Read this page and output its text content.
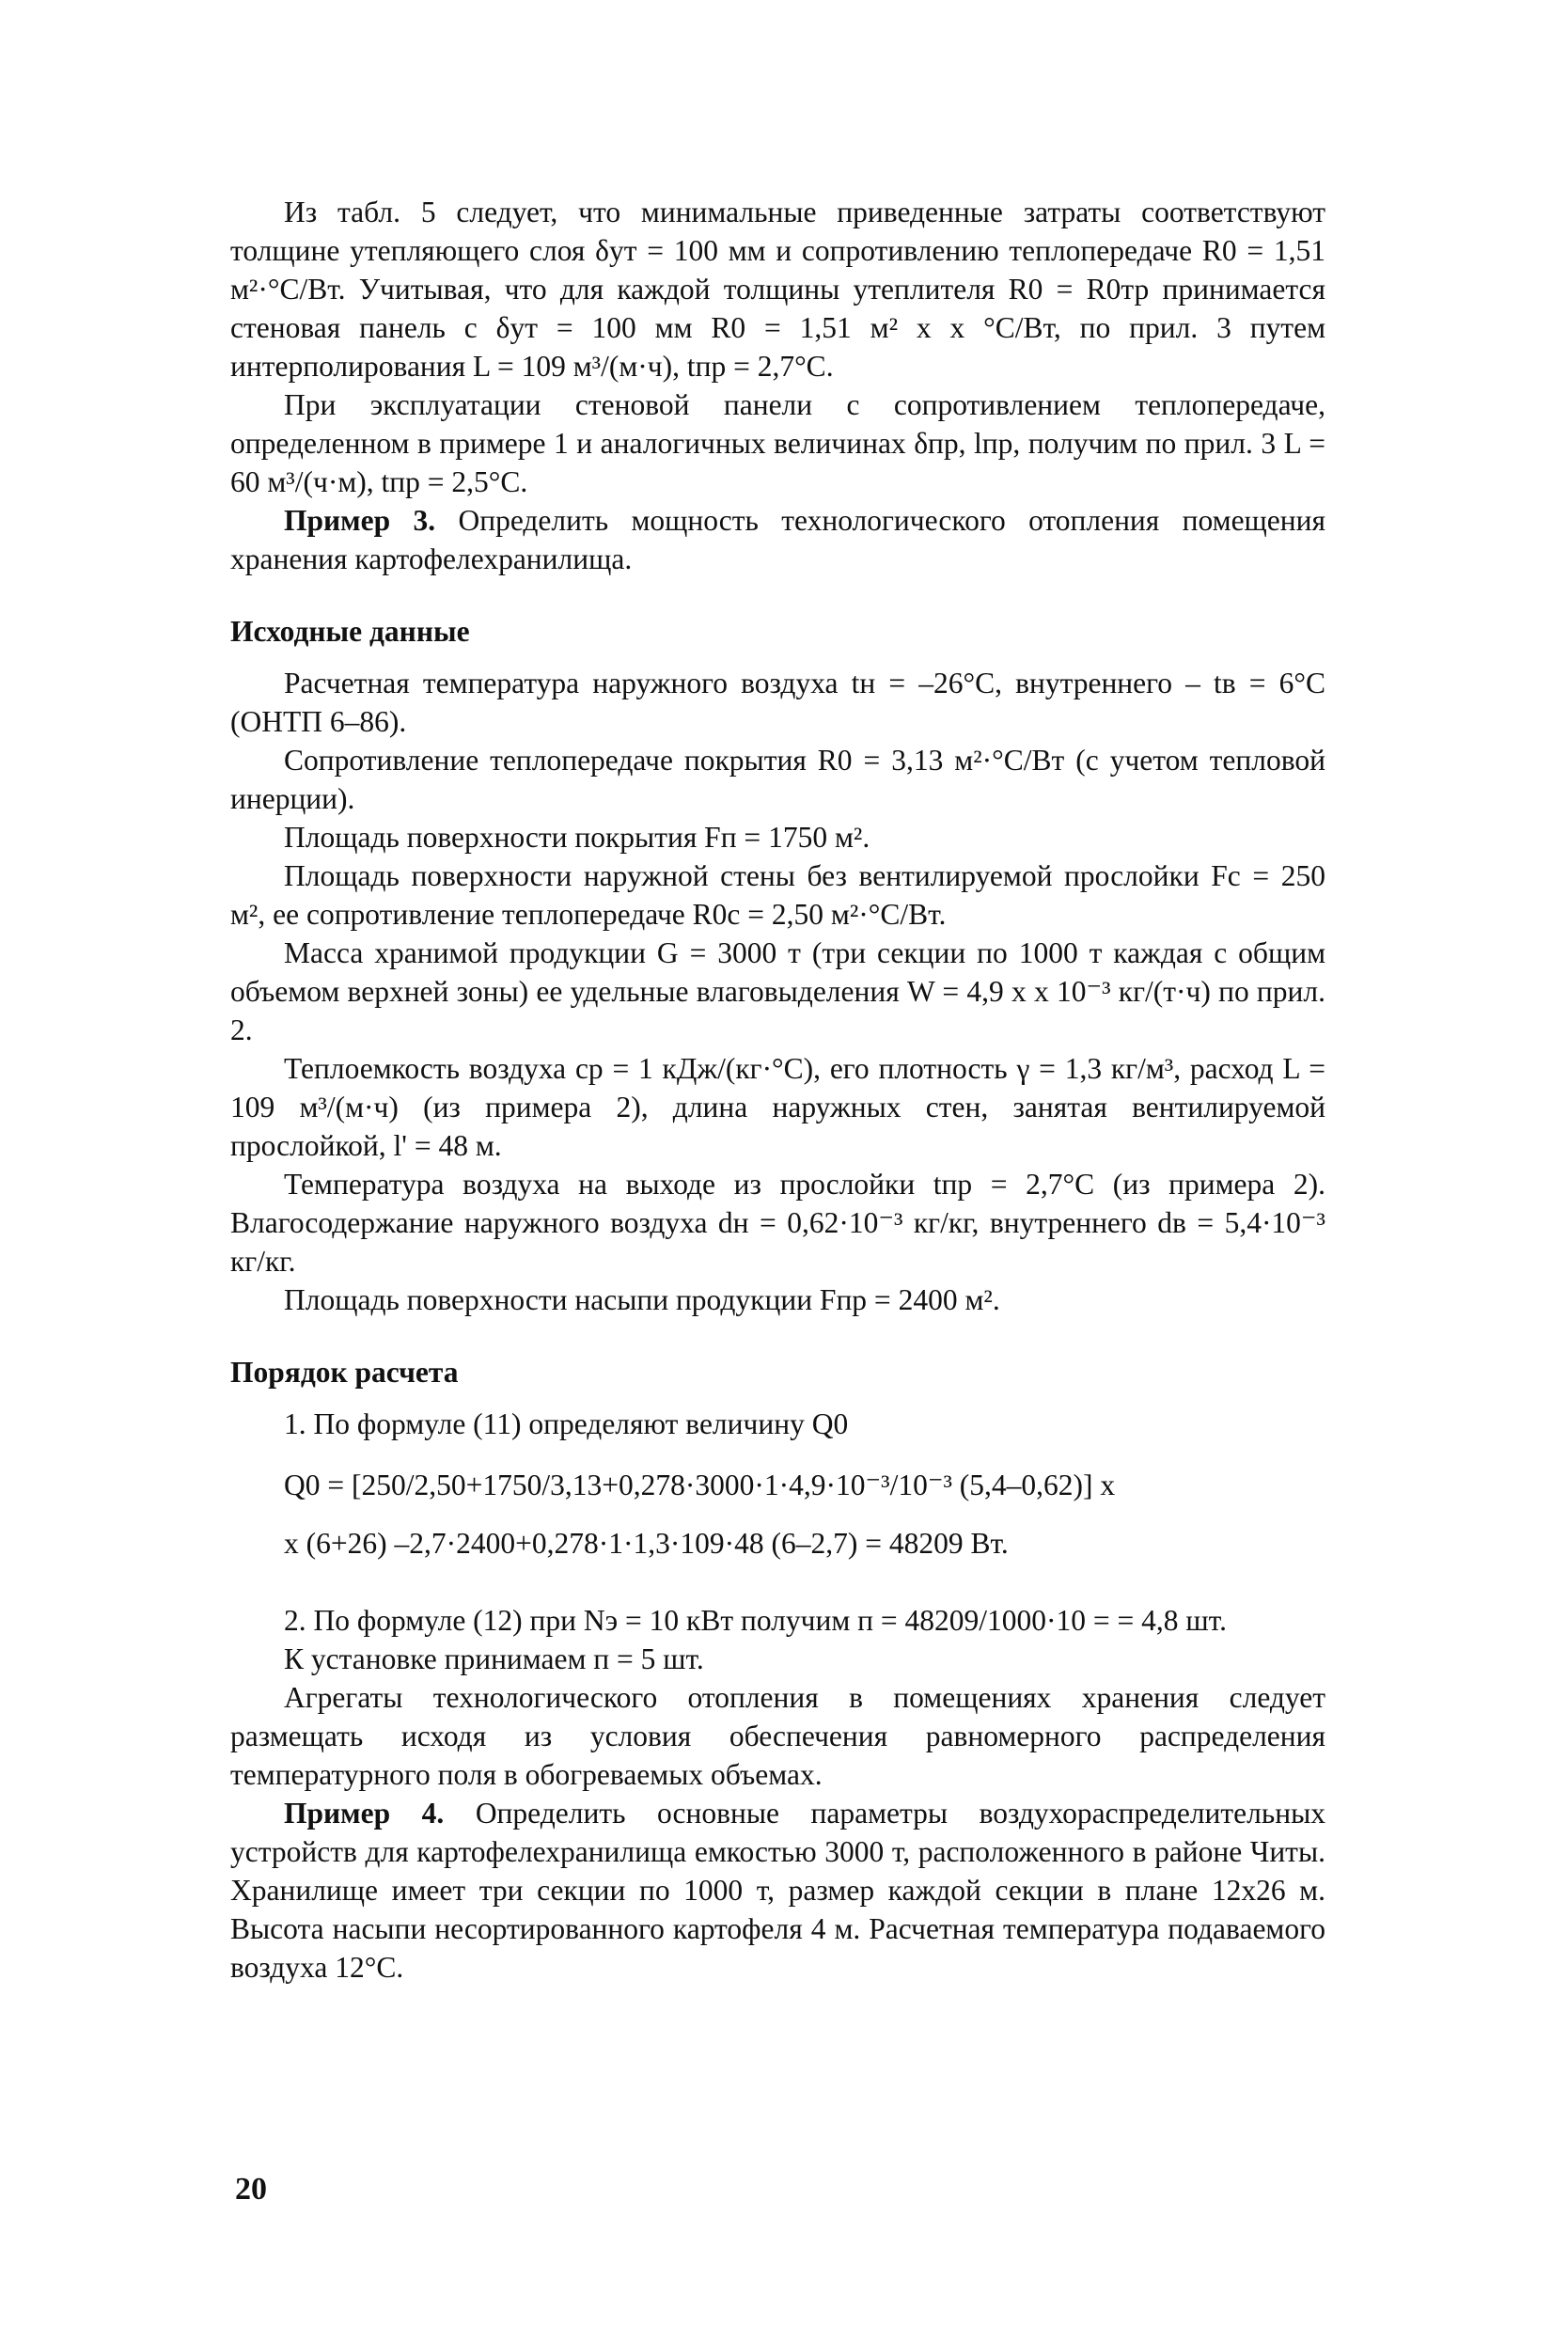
Из табл. 5 следует, что минимальные приведенные затраты соответствуют толщине утепляющего слоя δут = 100 мм и сопротивлению теплопередаче R0 = 1,51 м²·°С/Вт. Учитывая, что для каждой толщины утеплителя R0 = R0тр принимается стеновая панель с δут = 100 мм R0 = 1,51 м² x x °С/Вт, по прил. 3 путем интерполирования L = 109 м³/(м·ч), tпр = 2,7°С.

При эксплуатации стеновой панели с сопротивлением теплопередаче, определенном в примере 1 и аналогичных величинах δпр, lпр, получим по прил. 3 L = 60 м³/(ч·м), tпр = 2,5°С.

Пример 3. Определить мощность технологического отопления помещения хранения картофелехранилища.

Исходные данные

Расчетная температура наружного воздуха tн = –26°С, внутреннего – tв = 6°С (ОНТП 6–86).

Сопротивление теплопередаче покрытия R0 = 3,13 м²·°С/Вт (с учетом тепловой инерции).

Площадь поверхности покрытия Fп = 1750 м².

Площадь поверхности наружной стены без вентилируемой прослойки Fс = 250 м², ее сопротивление теплопередаче R0с = 2,50 м²·°С/Вт.

Масса хранимой продукции G = 3000 т (три секции по 1000 т каждая с общим объемом верхней зоны) ее удельные влаговыделения W = 4,9 x x 10⁻³ кг/(т·ч) по прил. 2.

Теплоемкость воздуха cр = 1 кДж/(кг·°С), его плотность γ = 1,3 кг/м³, расход L = 109 м³/(м·ч) (из примера 2), длина наружных стен, занятая вентилируемой прослойкой, l' = 48 м.

Температура воздуха на выходе из прослойки tпр = 2,7°С (из примера 2). Влагосодержание наружного воздуха dн = 0,62·10⁻³ кг/кг, внутреннего dв = 5,4·10⁻³ кг/кг.

Площадь поверхности насыпи продукции Fпр = 2400 м².

Порядок расчета

1. По формуле (11) определяют величину Q0

Q0 = [250/2,50+1750/3,13+0,278·3000·1·4,9·10⁻³/10⁻³ (5,4–0,62)] x

x (6+26) –2,7·2400+0,278·1·1,3·109·48 (6–2,7) = 48209 Вт.

2. По формуле (12) при Nэ = 10 кВт получим п = 48209/1000·10 = = 4,8 шт.

К установке принимаем п = 5 шт.

Агрегаты технологического отопления в помещениях хранения следует размещать исходя из условия обеспечения равномерного распределения температурного поля в обогреваемых объемах.

Пример 4. Определить основные параметры воздухораспределительных устройств для картофелехранилища емкостью 3000 т, расположенного в районе Читы. Хранилище имеет три секции по 1000 т, размер каждой секции в плане 12x26 м. Высота насыпи несортированного картофеля 4 м. Расчетная температура подаваемого воздуха 12°С.

20
